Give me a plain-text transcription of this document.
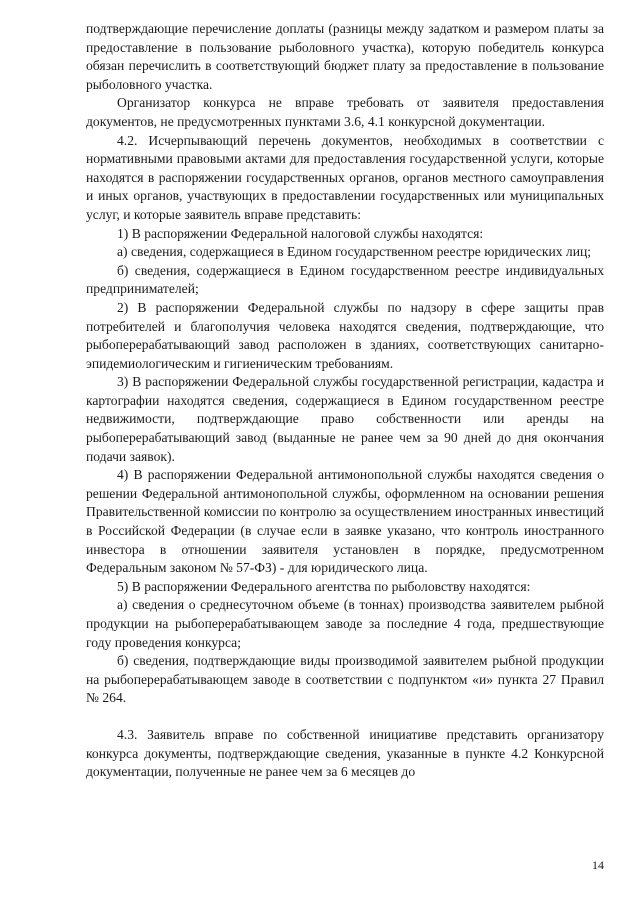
подтверждающие перечисление доплаты (разницы между задатком и размером платы за предоставление в пользование рыболовного участка), которую победитель конкурса обязан перечислить в соответствующий бюджет плату за предоставление в пользование рыболовного участка.

Организатор конкурса не вправе требовать от заявителя предоставления документов, не предусмотренных пунктами 3.6, 4.1 конкурсной документации.

4.2. Исчерпывающий перечень документов, необходимых в соответствии с нормативными правовыми актами для предоставления государственной услуги, которые находятся в распоряжении государственных органов, органов местного самоуправления и иных органов, участвующих в предоставлении государственных или муниципальных услуг, и которые заявитель вправе представить:

1) В распоряжении Федеральной налоговой службы находятся:

а) сведения, содержащиеся в Едином государственном реестре юридических лиц;

б) сведения, содержащиеся в Едином государственном реестре индивидуальных предпринимателей;

2) В распоряжении Федеральной службы по надзору в сфере защиты прав потребителей и благополучия человека находятся сведения, подтверждающие, что рыбоперерабатывающий завод расположен в зданиях, соответствующих санитарно-эпидемиологическим и гигиеническим требованиям.

3) В распоряжении Федеральной службы государственной регистрации, кадастра и картографии находятся сведения, содержащиеся в Едином государственном реестре недвижимости, подтверждающие право собственности или аренды на рыбоперерабатывающий завод (выданные не ранее чем за 90 дней до дня окончания подачи заявок).

4) В распоряжении Федеральной антимонопольной службы находятся сведения о решении Федеральной антимонопольной службы, оформленном на основании решения Правительственной комиссии по контролю за осуществлением иностранных инвестиций в Российской Федерации (в случае если в заявке указано, что контроль иностранного инвестора в отношении заявителя установлен в порядке, предусмотренном Федеральным законом № 57-ФЗ) - для юридического лица.

5) В распоряжении Федерального агентства по рыболовству находятся:

а) сведения о среднесуточном объеме (в тоннах) производства заявителем рыбной продукции на рыбоперерабатывающем заводе за последние 4 года, предшествующие году проведения конкурса;

б) сведения, подтверждающие виды производимой заявителем рыбной продукции на рыбоперерабатывающем заводе в соответствии с подпунктом «и» пункта 27 Правил № 264.

4.3. Заявитель вправе по собственной инициативе представить организатору конкурса документы, подтверждающие сведения, указанные в пункте 4.2 Конкурсной документации, полученные не ранее чем за 6 месяцев до

14
